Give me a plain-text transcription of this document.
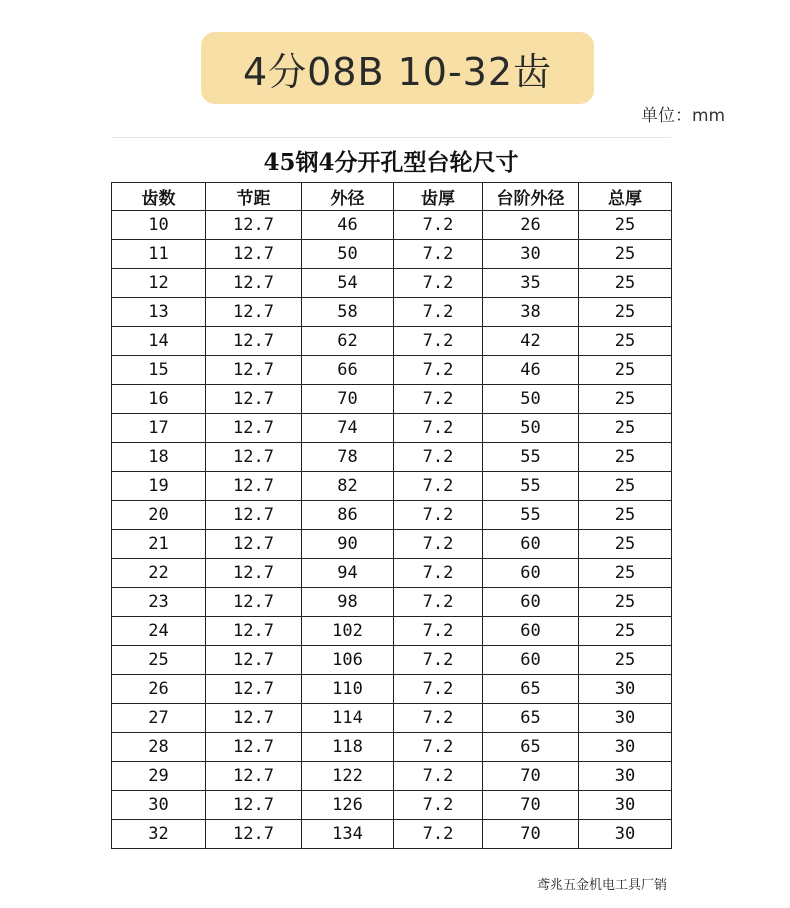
4分08B 10-32齿
单位：mm
45钢4分开孔型台轮尺寸
齿数	节距	外径	齿厚	台阶外径	总厚
10	12.7	46	7.2	26	25
11	12.7	50	7.2	30	25
12	12.7	54	7.2	35	25
13	12.7	58	7.2	38	25
14	12.7	62	7.2	42	25
15	12.7	66	7.2	46	25
16	12.7	70	7.2	50	25
17	12.7	74	7.2	50	25
18	12.7	78	7.2	55	25
19	12.7	82	7.2	55	25
20	12.7	86	7.2	55	25
21	12.7	90	7.2	60	25
22	12.7	94	7.2	60	25
23	12.7	98	7.2	60	25
24	12.7	102	7.2	60	25
25	12.7	106	7.2	60	25
26	12.7	110	7.2	65	30
27	12.7	114	7.2	65	30
28	12.7	118	7.2	65	30
29	12.7	122	7.2	70	30
30	12.7	126	7.2	70	30
32	12.7	134	7.2	70	30
鸢兆五金机电工具厂销
